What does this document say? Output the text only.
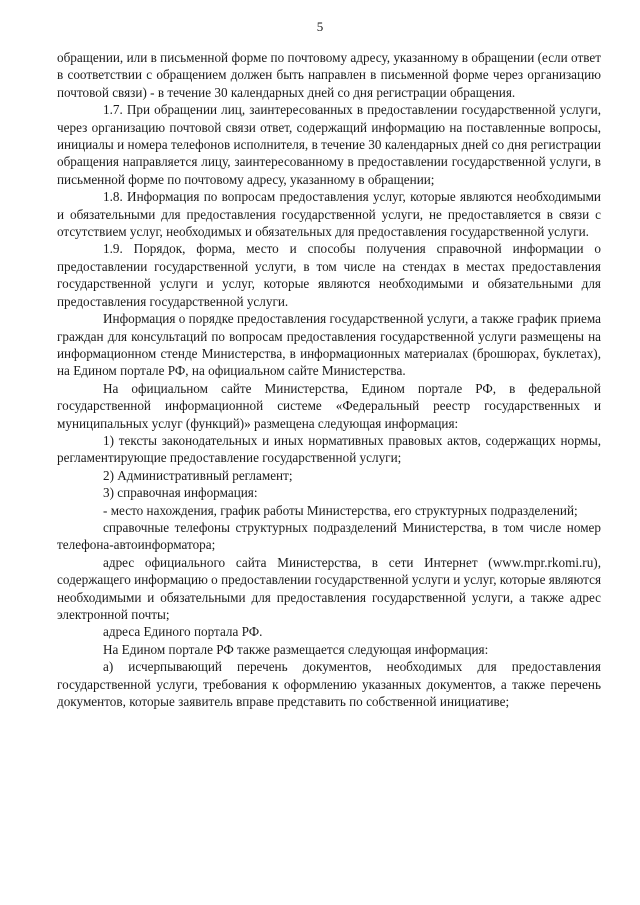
5

обращении, или в письменной форме по почтовому адресу, указанному в обращении (если ответ в соответствии с обращением должен быть направлен в письменной форме через организацию почтовой связи) - в течение 30 календарных дней со дня регистрации обращения.

1.7. При обращении лиц, заинтересованных в предоставлении государственной услуги, через организацию почтовой связи ответ, содержащий информацию на поставленные вопросы, инициалы и номера телефонов исполнителя, в течение 30 календарных дней со дня регистрации обращения направляется лицу, заинтересованному в предоставлении государственной услуги, в письменной форме по почтовому адресу, указанному в обращении;

1.8. Информация по вопросам предоставления услуг, которые являются необходимыми и обязательными для предоставления государственной услуги, не предоставляется в связи с отсутствием услуг, необходимых и обязательных для предоставления государственной услуги.

1.9. Порядок, форма, место и способы получения справочной информации о предоставлении государственной услуги, в том числе на стендах в местах предоставления государственной услуги и услуг, которые являются необходимыми и обязательными для предоставления государственной услуги.

Информация о порядке предоставления государственной услуги, а также график приема граждан для консультаций по вопросам предоставления государственной услуги размещены на информационном стенде Министерства, в информационных материалах (брошюрах, буклетах), на Едином портале РФ, на официальном сайте Министерства.

На официальном сайте Министерства, Едином портале РФ, в федеральной государственной информационной системе «Федеральный реестр государственных и муниципальных услуг (функций)» размещена следующая информация:

1) тексты законодательных и иных нормативных правовых актов, содержащих нормы, регламентирующие предоставление государственной услуги;

2) Административный регламент;

3) справочная информация:

- место нахождения, график работы Министерства, его структурных подразделений;

справочные телефоны структурных подразделений Министерства, в том числе номер телефона-автоинформатора;

адрес официального сайта Министерства, в сети Интернет (www.mpr.rkomi.ru), содержащего информацию о предоставлении государственной услуги и услуг, которые являются необходимыми и обязательными для предоставления государственной услуги, а также адрес электронной почты;

адреса Единого портала РФ.

На Едином портале РФ также размещается следующая информация:

а) исчерпывающий перечень документов, необходимых для предоставления государственной услуги, требования к оформлению указанных документов, а также перечень документов, которые заявитель вправе представить по собственной инициативе;
